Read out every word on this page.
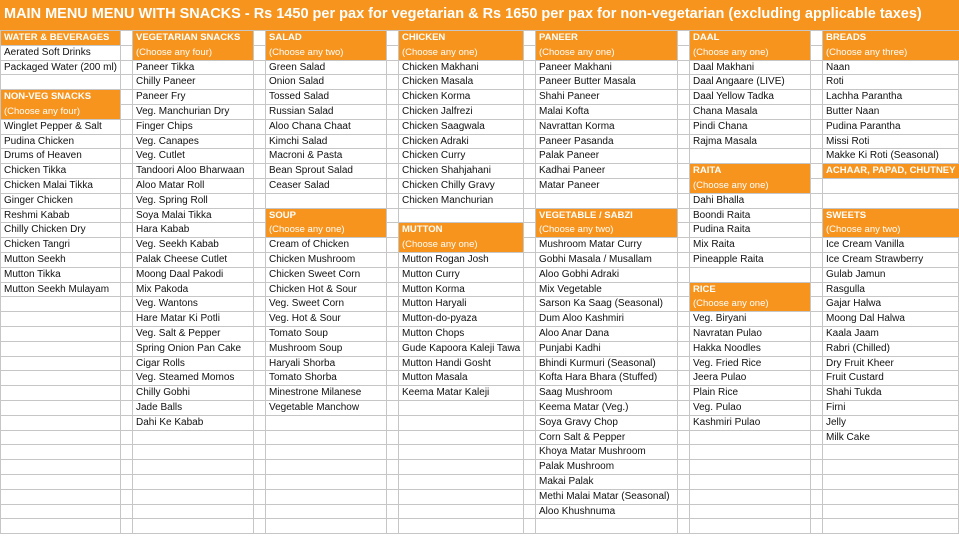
MAIN MENU MENU WITH SNACKS - Rs 1450 per pax for vegetarian & Rs 1650 per pax for non-vegetarian (excluding applicable taxes)
WATER & BEVERAGES
Aerated Soft Drinks
Packaged Water (200 ml)
NON-VEG SNACKS
(Choose any four)
Winglet Pepper & Salt
Pudina Chicken
Drums of Heaven
Chicken Tikka
Chicken Malai Tikka
Ginger Chicken
Reshmi Kabab
Chilly Chicken Dry
Chicken Tangri
Mutton Seekh
Mutton Tikka
Mutton Seekh Mulayam
VEGETARIAN SNACKS
(Choose any four)
Paneer Tikka
Chilly Paneer
Paneer Fry
Veg. Manchurian Dry
Finger Chips
Veg. Canapes
Veg. Cutlet
Tandoori Aloo Bharwaan
Aloo Matar Roll
Veg. Spring Roll
Soya Malai Tikka
Hara Kabab
Veg. Seekh Kabab
Palak Cheese Cutlet
Moong Daal Pakodi
Mix Pakoda
Veg. Wantons
Hare Matar Ki Potli
Veg. Salt & Pepper
Spring Onion Pan Cake
Cigar Rolls
Veg. Steamed Momos
Chilly Gobhi
Jade Balls
Dahi Ke Kabab
SALAD
(Choose any two)
Green Salad
Onion Salad
Tossed Salad
Russian Salad
Aloo Chana Chaat
Kimchi Salad
Macroni & Pasta
Bean Sprout Salad
Ceaser Salad
SOUP
(Choose any one)
Cream of Chicken
Chicken Mushroom
Chicken Sweet Corn
Chicken Hot & Sour
Veg. Sweet Corn
Veg. Hot & Sour
Tomato Soup
Mushroom Soup
Haryali Shorba
Tomato Shorba
Minestrone Milanese
Vegetable Manchow
CHICKEN
(Choose any one)
Chicken Makhani
Chicken Masala
Chicken Korma
Chicken Jalfrezi
Chicken Saagwala
Chicken Adraki
Chicken Curry
Chicken Shahjahani
Chicken Chilly Gravy
Chicken Manchurian
MUTTON
(Choose any one)
Mutton Rogan Josh
Mutton Curry
Mutton Korma
Mutton Haryali
Mutton-do-pyaza
Mutton Chops
Gude Kapoora Kaleji Tawa
Mutton Handi Gosht
Mutton Masala
Keema Matar Kaleji
PANEER
(Choose any one)
Paneer Makhani
Paneer Butter Masala
Shahi Paneer
Malai Kofta
Navrattan Korma
Paneer Pasanda
Palak Paneer
Kadhai Paneer
Matar Paneer
VEGETABLE / SABZI
(Choose any two)
Mushroom Matar Curry
Gobhi Masala / Musallam
Aloo Gobhi Adraki
Mix Vegetable
Sarson Ka Saag (Seasonal)
Dum Aloo Kashmiri
Aloo Anar Dana
Punjabi Kadhi
Bhindi Kurmuri (Seasonal)
Kofta Hara Bhara (Stuffed)
Saag Mushroom
Keema Matar (Veg.)
Soya Gravy Chop
Corn Salt & Pepper
Khoya Matar Mushroom
Palak Mushroom
Makai Palak
Methi Malai Matar (Seasonal)
Aloo Khushnuma
DAAL
(Choose any one)
Daal Makhani
Daal Angaare (LIVE)
Daal Yellow Tadka
Chana Masala
Pindi Chana
Rajma Masala
RAITA
(Choose any one)
Dahi Bhalla
Boondi Raita
Pudina Raita
Mix Raita
Pineapple Raita
RICE
(Choose any one)
Veg. Biryani
Navratan Pulao
Hakka Noodles
Veg. Fried Rice
Jeera Pulao
Plain Rice
Veg. Pulao
Kashmiri Pulao
BREADS
(Choose any three)
Naan
Roti
Lachha Parantha
Butter Naan
Pudina Parantha
Missi Roti
Makke Ki Roti (Seasonal)
ACHAAR, PAPAD, CHUTNEY
SWEETS
(Choose any two)
Ice Cream Vanilla
Ice Cream Strawberry
Gulab Jamun
Rasgulla
Gajar Halwa
Moong Dal Halwa
Kaala Jaam
Rabri (Chilled)
Dry Fruit Kheer
Fruit Custard
Shahi Tukda
Firni
Jelly
Milk Cake
